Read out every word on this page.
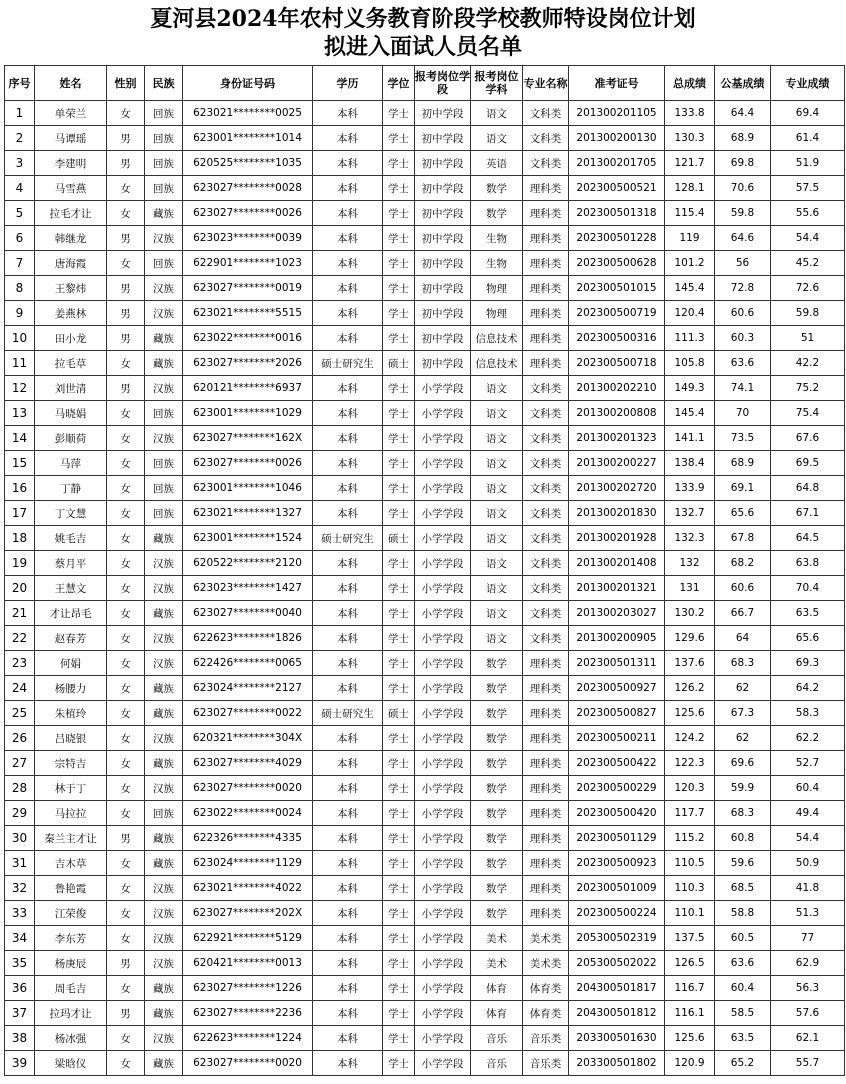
夏河县2024年农村义务教育阶段学校教师特设岗位计划
拟进入面试人员名单
序号	姓名	性别	民族	身份证号码	学历	学位	报考岗位学段	报考岗位学科	专业名称	准考证号	总成绩	公基成绩	专业成绩
1	单荣兰	女	回族	623021********0025	本科	学士	初中学段	语文	文科类	201300201105	133.8	64.4	69.4
2	马谭瑶	男	回族	623001********1014	本科	学士	初中学段	语文	文科类	201300200130	130.3	68.9	61.4
3	李建明	男	回族	620525********1035	本科	学士	初中学段	英语	文科类	201300201705	121.7	69.8	51.9
4	马雪燕	女	回族	623027********0028	本科	学士	初中学段	数学	理科类	202300500521	128.1	70.6	57.5
5	拉毛才让	女	藏族	623027********0026	本科	学士	初中学段	数学	理科类	202300501318	115.4	59.8	55.6
6	韩继龙	男	汉族	623023********0039	本科	学士	初中学段	生物	理科类	202300501228	119	64.6	54.4
7	唐海霞	女	回族	622901********1023	本科	学士	初中学段	生物	理科类	202300500628	101.2	56	45.2
8	王黎炜	男	汉族	623027********0019	本科	学士	初中学段	物理	理科类	202300501015	145.4	72.8	72.6
9	姜燕林	男	汉族	623021********5515	本科	学士	初中学段	物理	理科类	202300500719	120.4	60.6	59.8
10	田小龙	男	藏族	623022********0016	本科	学士	初中学段	信息技术	理科类	202300500316	111.3	60.3	51
11	拉毛草	女	藏族	623027********2026	硕士研究生	硕士	初中学段	信息技术	理科类	202300500718	105.8	63.6	42.2
12	刘世清	男	汉族	620121********6937	本科	学士	小学学段	语文	文科类	201300202210	149.3	74.1	75.2
13	马晓娟	女	回族	623001********1029	本科	学士	小学学段	语文	文科类	201300200808	145.4	70	75.4
14	彭顺荷	女	汉族	623027********162X	本科	学士	小学学段	语文	文科类	201300201323	141.1	73.5	67.6
15	马萍	女	回族	623027********0026	本科	学士	小学学段	语文	文科类	201300200227	138.4	68.9	69.5
16	丁静	女	回族	623001********1046	本科	学士	小学学段	语文	文科类	201300202720	133.9	69.1	64.8
17	丁文慧	女	回族	623021********1327	本科	学士	小学学段	语文	文科类	201300201830	132.7	65.6	67.1
18	姚毛吉	女	藏族	623001********1524	硕士研究生	硕士	小学学段	语文	文科类	201300201928	132.3	67.8	64.5
19	蔡月平	女	汉族	620522********2120	本科	学士	小学学段	语文	文科类	201300201408	132	68.2	63.8
20	王慧文	女	汉族	623023********1427	本科	学士	小学学段	语文	文科类	201300201321	131	60.6	70.4
21	才让昂毛	女	藏族	623027********0040	本科	学士	小学学段	语文	文科类	201300203027	130.2	66.7	63.5
22	赵春芳	女	汉族	622623********1826	本科	学士	小学学段	语文	文科类	201300200905	129.6	64	65.6
23	何娟	女	汉族	622426********0065	本科	学士	小学学段	数学	理科类	202300501311	137.6	68.3	69.3
24	杨腰力	女	藏族	623024********2127	本科	学士	小学学段	数学	理科类	202300500927	126.2	62	64.2
25	朱植玲	女	藏族	623027********0022	硕士研究生	硕士	小学学段	数学	理科类	202300500827	125.6	67.3	58.3
26	吕晓银	女	汉族	620321********304X	本科	学士	小学学段	数学	理科类	202300500211	124.2	62	62.2
27	宗特吉	女	藏族	623027********4029	本科	学士	小学学段	数学	理科类	202300500422	122.3	69.6	52.7
28	林于丁	女	汉族	623027********0020	本科	学士	小学学段	数学	理科类	202300500229	120.3	59.9	60.4
29	马拉拉	女	回族	623022********0024	本科	学士	小学学段	数学	理科类	202300500420	117.7	68.3	49.4
30	秦兰主才让	男	藏族	622326********4335	本科	学士	小学学段	数学	理科类	202300501129	115.2	60.8	54.4
31	吉木草	女	藏族	623024********1129	本科	学士	小学学段	数学	理科类	202300500923	110.5	59.6	50.9
32	鲁艳霞	女	汉族	623021********4022	本科	学士	小学学段	数学	理科类	202300501009	110.3	68.5	41.8
33	江荣俊	女	汉族	623027********202X	本科	学士	小学学段	数学	理科类	202300500224	110.1	58.8	51.3
34	李东芳	女	汉族	622921********5129	本科	学士	小学学段	美术	美术类	205300502319	137.5	60.5	77
35	杨庚辰	男	汉族	620421********0013	本科	学士	小学学段	美术	美术类	205300502022	126.5	63.6	62.9
36	周毛吉	女	藏族	623027********1226	本科	学士	小学学段	体育	体育类	204300501817	116.7	60.4	56.3
37	拉玛才让	男	藏族	623027********2236	本科	学士	小学学段	体育	体育类	204300501812	116.1	58.5	57.6
38	杨冰强	女	汉族	622623********1224	本科	学士	小学学段	音乐	音乐类	203300501630	125.6	63.5	62.1
39	梁晗仪	女	藏族	623027********0020	本科	学士	小学学段	音乐	音乐类	203300501802	120.9	65.2	55.7
